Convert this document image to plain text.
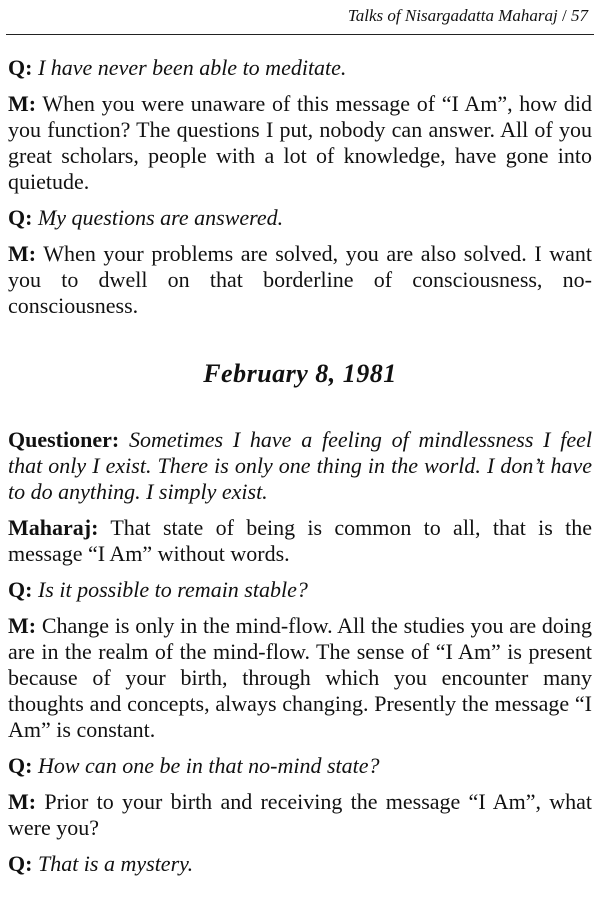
Talks of Nisargadatta Maharaj / 57

Q: I have never been able to meditate.

M: When you were unaware of this message of “I Am”, how did you function? The questions I put, nobody can answer. All of you great scholars, people with a lot of knowledge, have gone into quietude.

Q: My questions are answered.

M: When your problems are solved, you are also solved. I want you to dwell on that borderline of consciousness, no-consciousness.

February 8, 1981

Questioner: Sometimes I have a feeling of mindlessness I feel that only I exist. There is only one thing in the world. I don’t have to do anything. I simply exist.

Maharaj: That state of being is common to all, that is the message “I Am” without words.

Q: Is it possible to remain stable?

M: Change is only in the mind-flow. All the studies you are doing are in the realm of the mind-flow. The sense of “I Am” is present because of your birth, through which you encounter many thoughts and concepts, always changing. Presently the message “I Am” is constant.

Q: How can one be in that no-mind state?

M: Prior to your birth and receiving the message “I Am”, what were you?

Q: That is a mystery.
